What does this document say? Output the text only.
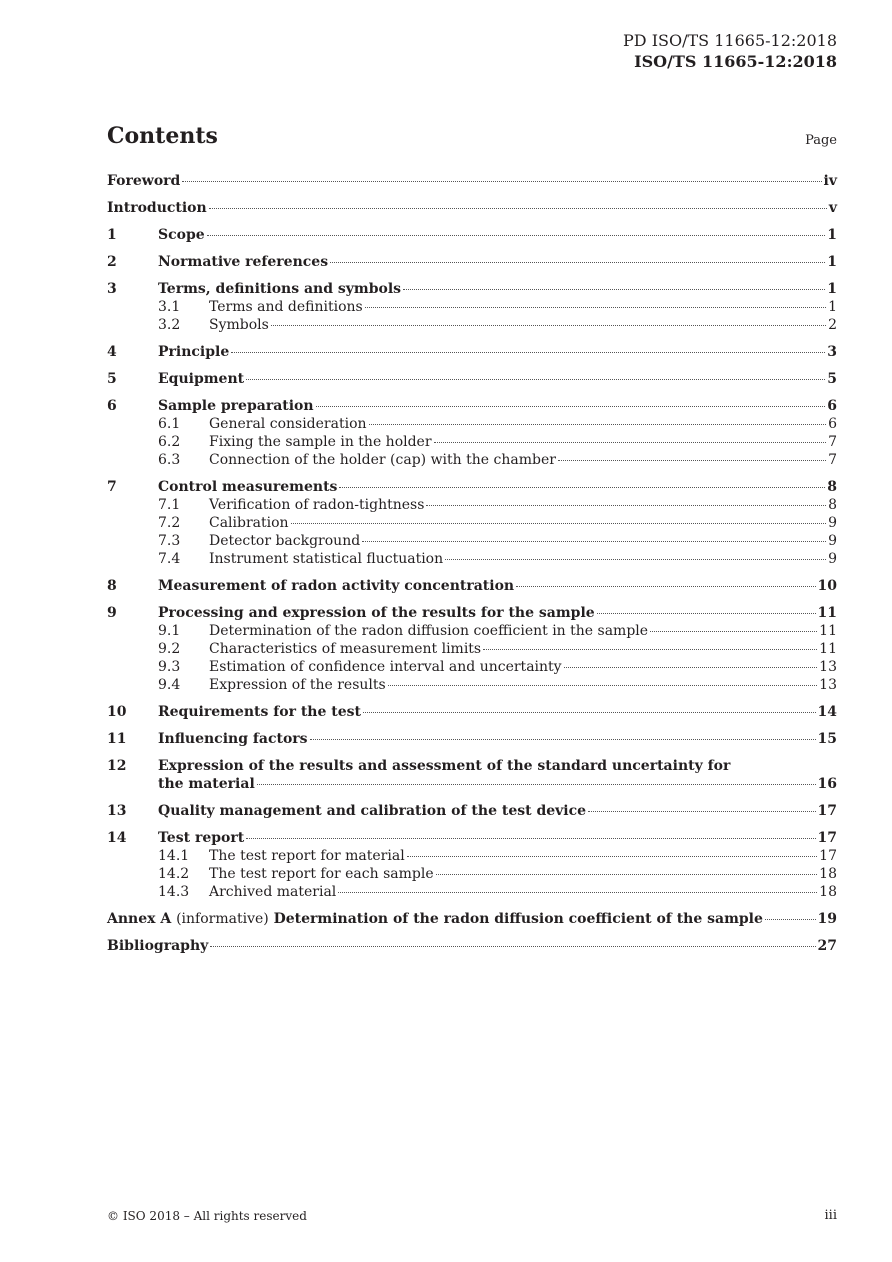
PD ISO/TS 11665-12:2018
ISO/TS 11665-12:2018
Contents	Page
Foreword	iv
Introduction	v
1	Scope	1
2	Normative references	1
3	Terms, definitions and symbols	1
3.1	Terms and definitions	1
3.2	Symbols	2
4	Principle	3
5	Equipment	5
6	Sample preparation	6
6.1	General consideration	6
6.2	Fixing the sample in the holder	7
6.3	Connection of the holder (cap) with the chamber	7
7	Control measurements	8
7.1	Verification of radon-tightness	8
7.2	Calibration	9
7.3	Detector background	9
7.4	Instrument statistical fluctuation	9
8	Measurement of radon activity concentration	10
9	Processing and expression of the results for the sample	11
9.1	Determination of the radon diffusion coefficient in the sample	11
9.2	Characteristics of measurement limits	11
9.3	Estimation of confidence interval and uncertainty	13
9.4	Expression of the results	13
10	Requirements for the test	14
11	Influencing factors	15
12	Expression of the results and assessment of the standard uncertainty for
the material	16
13	Quality management and calibration of the test device	17
14	Test report	17
14.1	The test report for material	17
14.2	The test report for each sample	18
14.3	Archived material	18
Annex A (informative) Determination of the radon diffusion coefficient of the sample	19
Bibliography	27
© ISO 2018 – All rights reserved	iii
